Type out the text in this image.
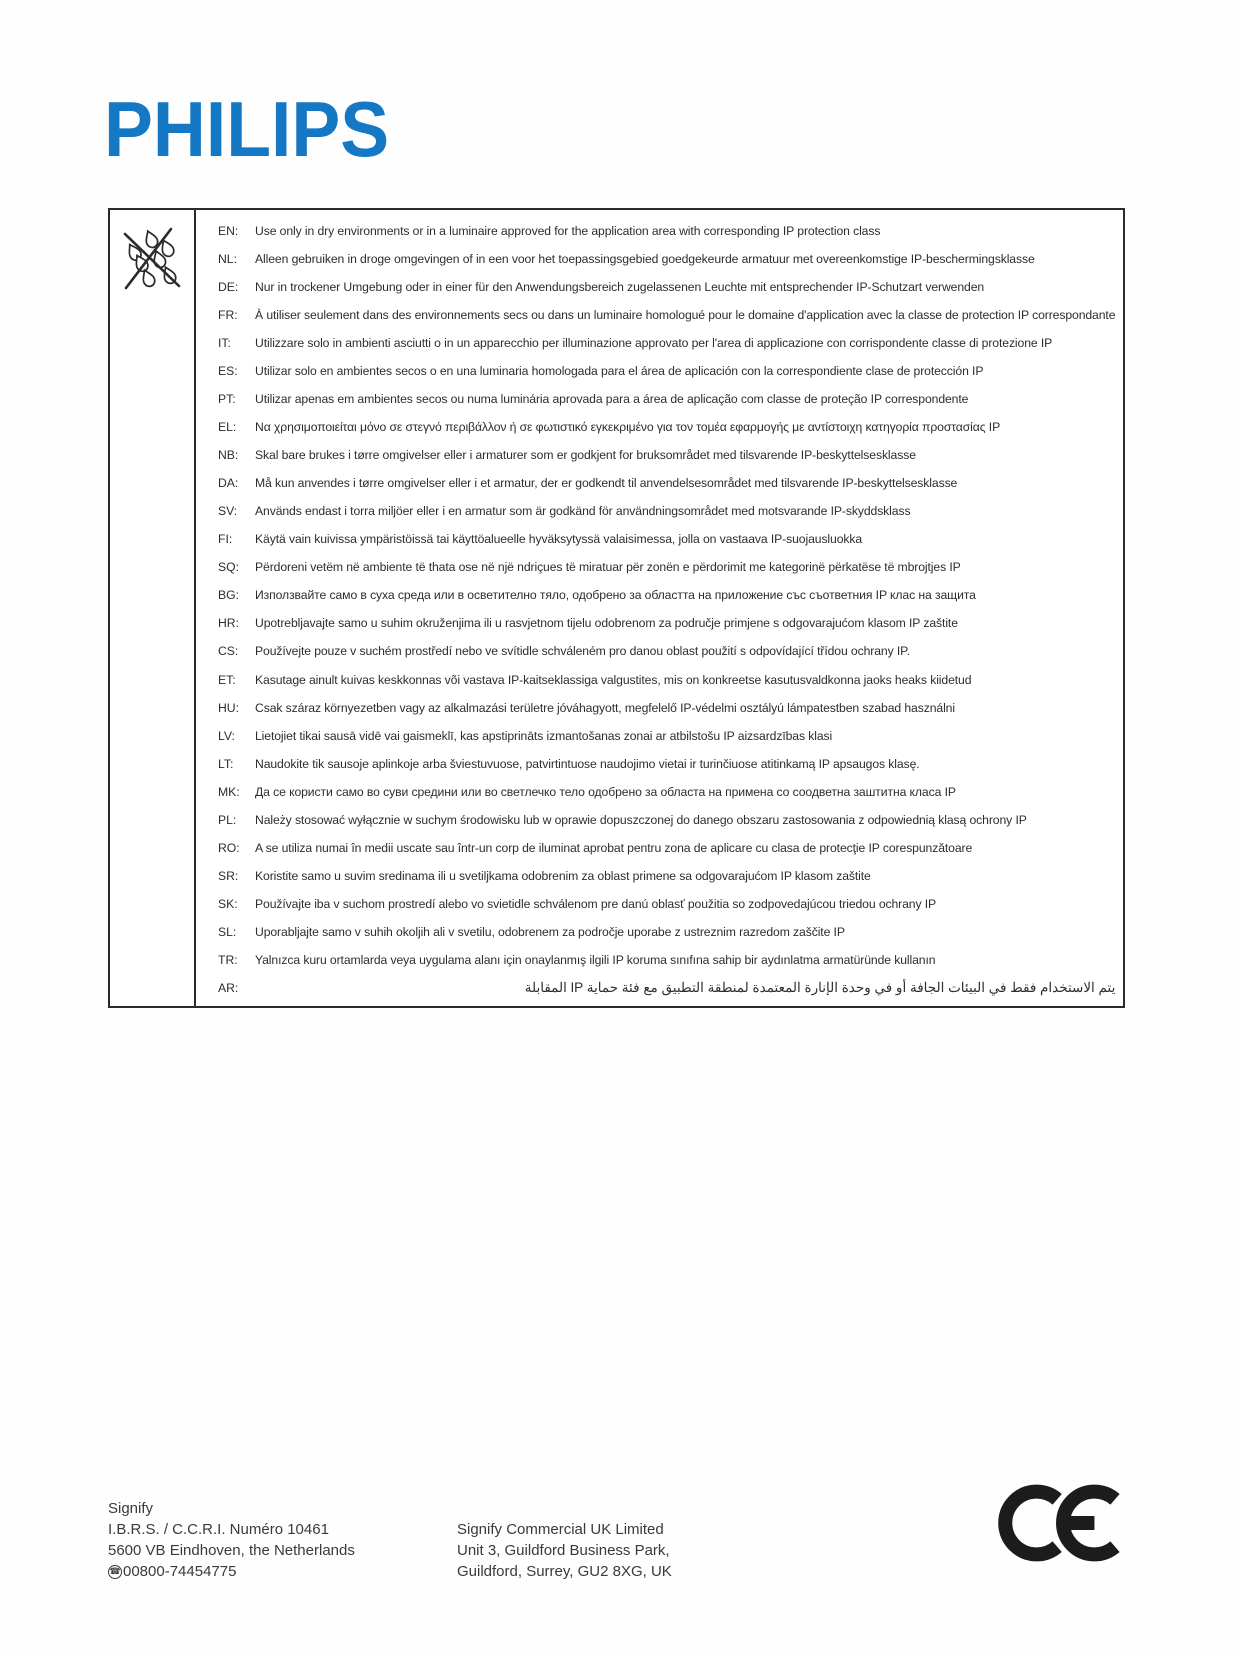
PHILIPS
EN:	Use only in dry environments or in a luminaire approved for the application area with corresponding IP protection class
NL:	Alleen gebruiken in droge omgevingen of in een voor het toepassingsgebied goedgekeurde armatuur met overeenkomstige IP-beschermingsklasse
DE:	Nur in trockener Umgebung oder in einer für den Anwendungsbereich zugelassenen Leuchte mit entsprechender IP-Schutzart verwenden
FR:	À utiliser seulement dans des environnements secs ou dans un luminaire homologué pour le domaine d'application avec la classe de protection IP correspondante
IT:	Utilizzare solo in ambienti asciutti o in un apparecchio per illuminazione approvato per l'area di applicazione con corrispondente classe di protezione IP
ES:	Utilizar solo en ambientes secos o en una luminaria homologada para el área de aplicación con la correspondiente clase de protección IP
PT:	Utilizar apenas em ambientes secos ou numa luminária aprovada para a área de aplicação com classe de proteção IP correspondente
EL:	Να χρησιμοποιείται μόνο σε στεγνό περιβάλλον ή σε φωτιστικό εγκεκριμένο για τον τομέα εφαρμογής με αντίστοιχη κατηγορία προστασίας IP
NB:	Skal bare brukes i tørre omgivelser eller i armaturer som er godkjent for bruksområdet med tilsvarende IP-beskyttelsesklasse
DA:	Må kun anvendes i tørre omgivelser eller i et armatur, der er godkendt til anvendelsesområdet med tilsvarende IP-beskyttelsesklasse
SV:	Används endast i torra miljöer eller i en armatur som är godkänd för användningsområdet med motsvarande IP-skyddsklass
FI:	Käytä vain kuivissa ympäristöissä tai käyttöalueelle hyväksytyssä valaisimessa, jolla on vastaava IP-suojausluokka
SQ:	Përdoreni vetëm në ambiente të thata ose në një ndriçues të miratuar për zonën e përdorimit me kategorinë përkatëse të mbrojtjes IP
BG:	Използвайте само в суха среда или в осветително тяло, одобрено за областта на приложение със съответния IP клас на защита
HR:	Upotrebljavajte samo u suhim okruženjima ili u rasvjetnom tijelu odobrenom za područje primjene s odgovarajućom klasom IP zaštite
CS:	Používejte pouze v suchém prostředí nebo ve svítidle schváleném pro danou oblast použití s odpovídající třídou ochrany IP.
ET:	Kasutage ainult kuivas keskkonnas või vastava IP-kaitseklassiga valgustites, mis on konkreetse kasutusvaldkonna jaoks heaks kiidetud
HU:	Csak száraz környezetben vagy az alkalmazási területre jóváhagyott, megfelelő IP-védelmi osztályú lámpatestben szabad használni
LV:	Lietojiet tikai sausā vidē vai gaismeklī, kas apstiprināts izmantošanas zonai ar atbilstošu IP aizsardzības klasi
LT:	Naudokite tik sausoje aplinkoje arba šviestuvuose, patvirtintuose naudojimo vietai ir turinčiuose atitinkamą IP apsaugos klasę.
MK:	Да се користи само во суви средини или во светлечко тело одобрено за областа на примена со соодветна заштитна класа IP
PL:	Należy stosować wyłącznie w suchym środowisku lub w oprawie dopuszczonej do danego obszaru zastosowania z odpowiednią klasą ochrony IP
RO:	A se utiliza numai în medii uscate sau într-un corp de iluminat aprobat pentru zona de aplicare cu clasa de protecţie IP corespunzătoare
SR:	Koristite samo u suvim sredinama ili u svetiljkama odobrenim za oblast primene sa odgovarajućom IP klasom zaštite
SK:	Používajte iba v suchom prostredí alebo vo svietidle schválenom pre danú oblasť použitia so zodpovedajúcou triedou ochrany IP
SL:	Uporabljajte samo v suhih okoljih ali v svetilu, odobrenem za področje uporabe z ustreznim razredom zaščite IP
TR:	Yalnızca kuru ortamlarda veya uygulama alanı için onaylanmış ilgili IP koruma sınıfına sahip bir aydınlatma armatüründe kullanın
AR:	يتم الاستخدام فقط في البيئات الجافة أو في وحدة الإنارة المعتمدة لمنطقة التطبيق مع فئة حماية IP المقابلة
Signify
I.B.R.S. / C.C.R.I. Numéro 10461
5600 VB Eindhoven, the Netherlands
☎ 00800-74454775
Signify Commercial UK Limited
Unit 3, Guildford Business Park,
Guildford, Surrey, GU2 8XG, UK
